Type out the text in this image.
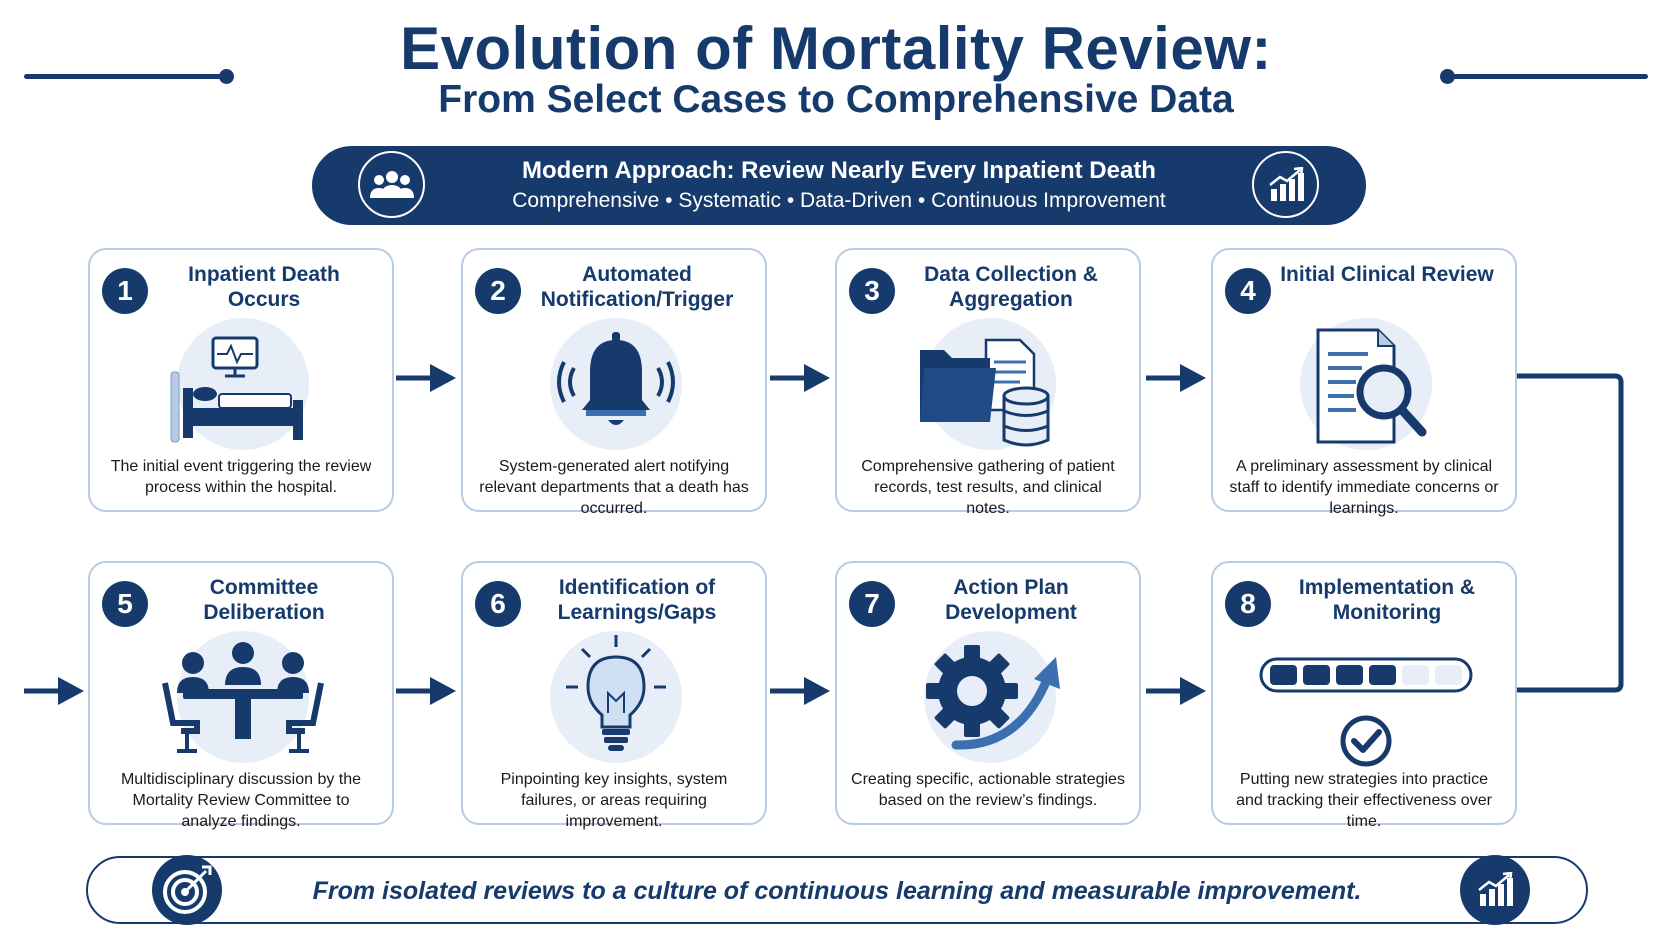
Evolution of Mortality Review:
From Select Cases to Comprehensive Data
Modern Approach: Review Nearly Every Inpatient Death
Comprehensive • Systematic • Data-Driven • Continuous Improvement
1
Inpatient Death Occurs
The initial event triggering the review process within the hospital.
2
Automated Notification/Trigger
System-generated alert notifying relevant departments that a death has occurred.
3
Data Collection & Aggregation
Comprehensive gathering of patient records, test results, and clinical notes.
4
Initial Clinical Review
A preliminary assessment by clinical staff to identify immediate concerns or learnings.
5
Committee Deliberation
Multidisciplinary discussion by the Mortality Review Committee to analyze findings.
6
Identification of Learnings/Gaps
Pinpointing key insights, system failures, or areas requiring improvement.
7
Action Plan Development
Creating specific, actionable strategies based on the review’s findings.
8
Implementation & Monitoring
Putting new strategies into practice and tracking their effectiveness over time.
From isolated reviews to a culture of continuous learning and measurable improvement.
